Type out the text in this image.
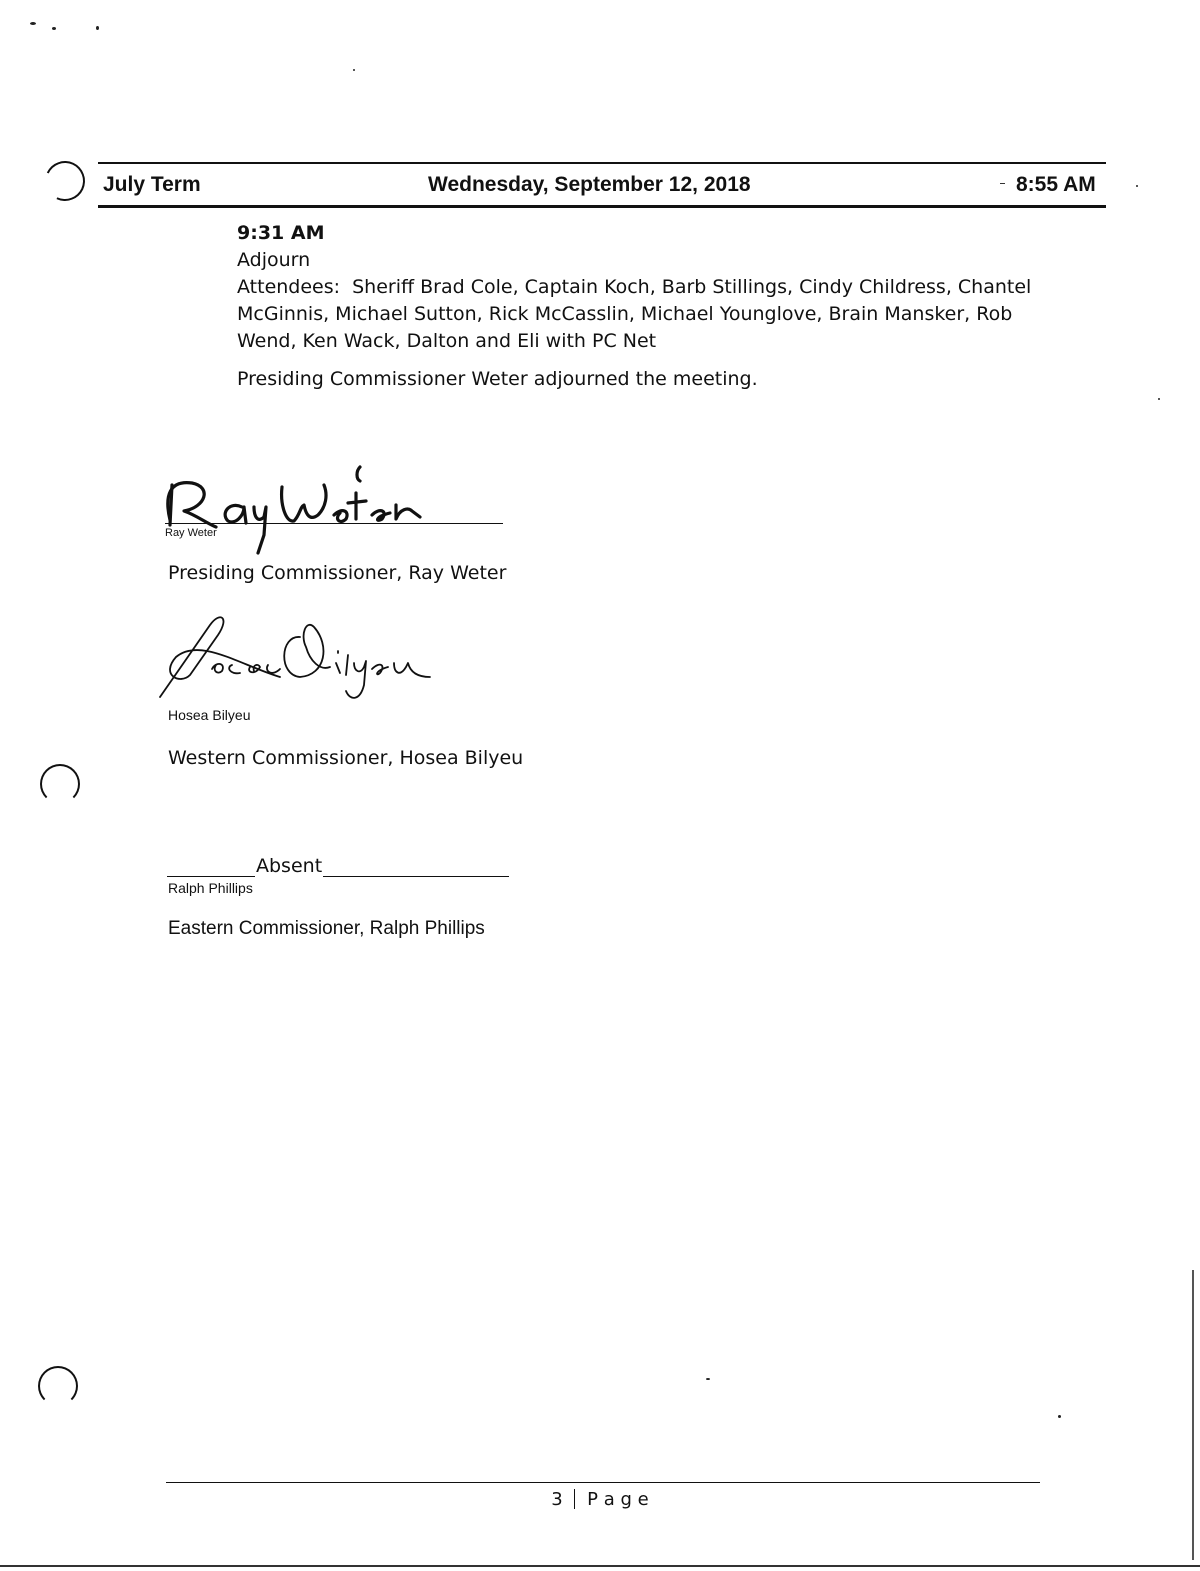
July Term	Wednesday, September 12, 2018	8:55 AM
9:31 AM
Adjourn
Attendees:  Sheriff Brad Cole, Captain Koch, Barb Stillings, Cindy Childress, Chantel
McGinnis, Michael Sutton, Rick McCasslin, Michael Younglove, Brain Mansker, Rob
Wend, Ken Wack, Dalton and Eli with PC Net
Presiding Commissioner Weter adjourned the meeting.
Ray Weter
Presiding Commissioner, Ray Weter
Hosea Bilyeu
Western Commissioner, Hosea Bilyeu
Absent
Ralph Phillips
Eastern Commissioner, Ralph Phillips
3 P a g e
